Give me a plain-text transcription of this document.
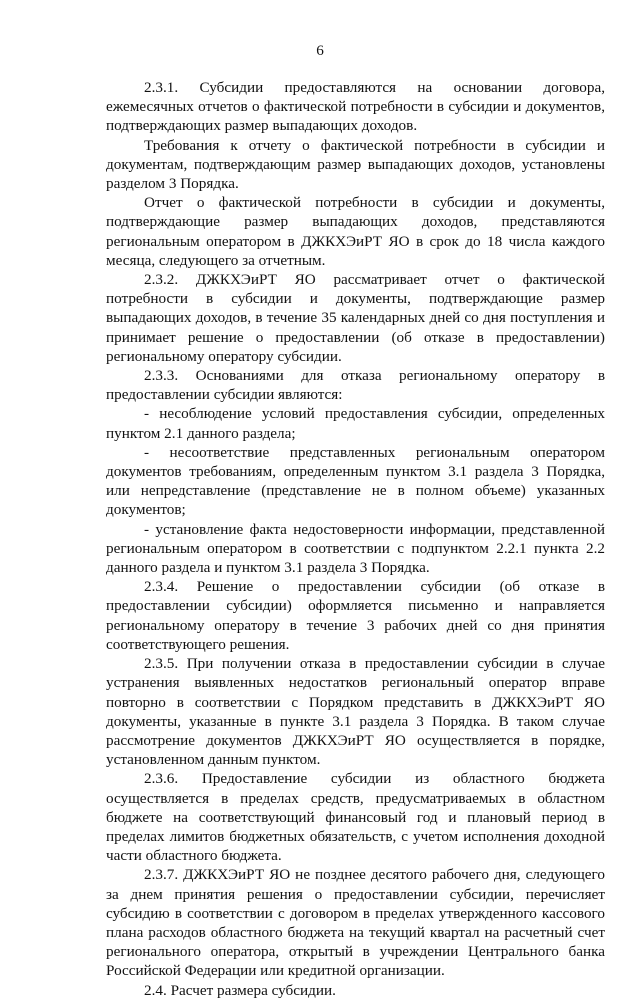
6

2.3.1. Субсидии предоставляются на основании договора, ежемесячных отчетов о фактической потребности в субсидии и документов, подтверждающих размер выпадающих доходов.

Требования к отчету о фактической потребности в субсидии и документам, подтверждающим размер выпадающих доходов, установлены разделом 3 Порядка.

Отчет о фактической потребности в субсидии и документы, подтверждающие размер выпадающих доходов, представляются региональным оператором в ДЖКХЭиРТ ЯО в срок до 18 числа каждого месяца, следующего за отчетным.

2.3.2. ДЖКХЭиРТ ЯО рассматривает отчет о фактической потребности в субсидии и документы, подтверждающие размер выпадающих доходов, в течение 35 календарных дней со дня поступления и принимает решение о предоставлении (об отказе в предоставлении) региональному оператору субсидии.

2.3.3. Основаниями для отказа региональному оператору в предоставлении субсидии являются:

- несоблюдение условий предоставления субсидии, определенных пунктом 2.1 данного раздела;

- несоответствие представленных региональным оператором документов требованиям, определенным пунктом 3.1 раздела 3 Порядка, или непредставление (представление не в полном объеме) указанных документов;

- установление факта недостоверности информации, представленной региональным оператором в соответствии с подпунктом 2.2.1 пункта 2.2 данного раздела и пунктом 3.1 раздела 3 Порядка.

2.3.4. Решение о предоставлении субсидии (об отказе в предоставлении субсидии) оформляется письменно и направляется региональному оператору в течение 3 рабочих дней со дня принятия соответствующего решения.

2.3.5. При получении отказа в предоставлении субсидии в случае устранения выявленных недостатков региональный оператор вправе повторно в соответствии с Порядком представить в ДЖКХЭиРТ ЯО документы, указанные в пункте 3.1 раздела 3 Порядка. В таком случае рассмотрение документов ДЖКХЭиРТ ЯО осуществляется в порядке, установленном данным пунктом.

2.3.6. Предоставление субсидии из областного бюджета осуществляется в пределах средств, предусматриваемых в областном бюджете на соответствующий финансовый год и плановый период в пределах лимитов бюджетных обязательств, с учетом исполнения доходной части областного бюджета.

2.3.7. ДЖКХЭиРТ ЯО не позднее десятого рабочего дня, следующего за днем принятия решения о предоставлении субсидии, перечисляет субсидию в соответствии с договором в пределах утвержденного кассового плана расходов областного бюджета на текущий квартал на расчетный счет регионального оператора, открытый в учреждении Центрального банка Российской Федерации или кредитной организации.

2.4. Расчет размера субсидии.
